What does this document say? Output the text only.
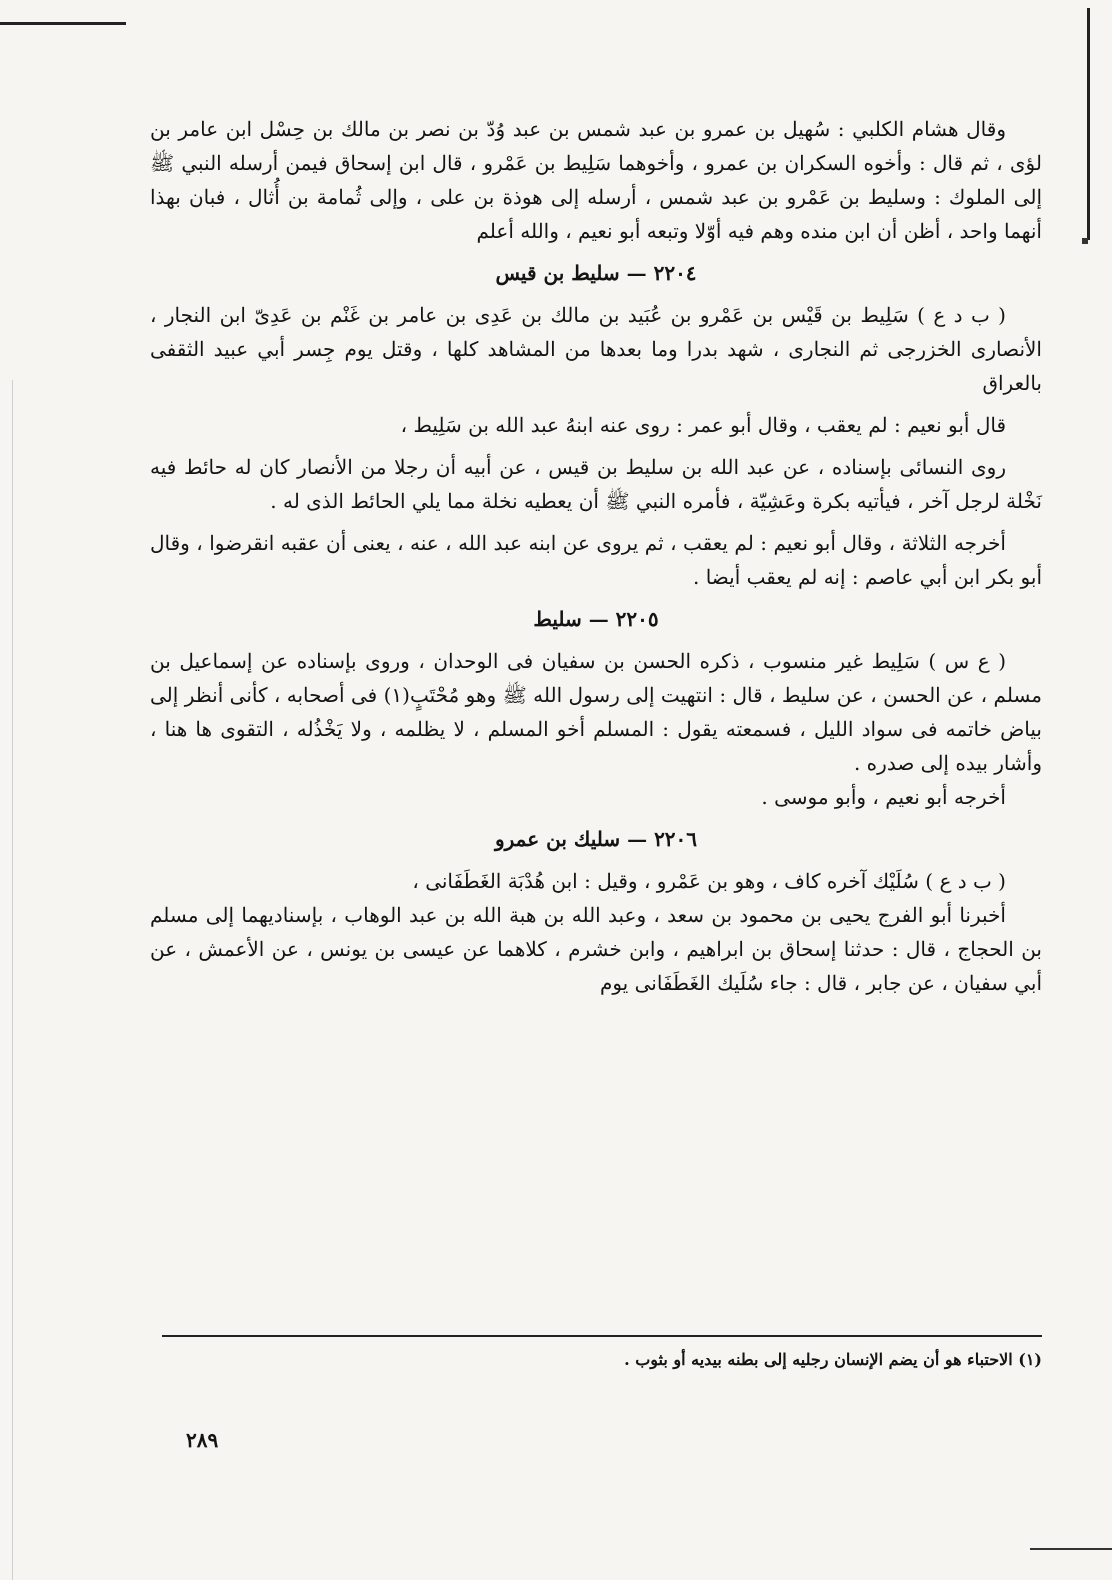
وقال هشام الكلبي : سُهيل بن عمرو بن عبد شمس بن عبد وُدّ بن نصر بن مالك بن حِسْل ابن عامر بن لؤى ، ثم قال : وأخوه السكران بن عمرو ، وأخوهما سَلِيط بن عَمْرو ، قال ابن إسحاق فيمن أرسله النبي ﷺ إلى الملوك : وسليط بن عَمْرو بن عبد شمس ، أرسله إلى هوذة بن على ، وإلى ثُمامة بن أُثال ، فبان بهذا أنهما واحد ، أظن أن ابن منده وهم فيه أوّلا وتبعه أبو نعيم ، والله أعلم

٢٢٠٤ — سليط بن قيس

( ب د ع ) سَلِيط بن قَيْس بن عَمْرو بن عُبَيد بن مالك بن عَدِى بن عامر بن غَنْم بن عَدِىّ ابن النجار ، الأنصارى الخزرجى ثم النجارى ، شهد بدرا وما بعدها من المشاهد كلها ، وقتل يوم جِسر أبي عبيد الثقفى بالعراق

قال أبو نعيم : لم يعقب ، وقال أبو عمر : روى عنه ابنهُ عبد الله بن سَلِيط ،

روى النسائى بإسناده ، عن عبد الله بن سليط بن قيس ، عن أبيه أن رجلا من الأنصار كان له حائط فيه نَخْلة لرجل آخر ، فيأتيه بكرة وعَشِيّة ، فأمره النبي ﷺ أن يعطيه نخلة مما يلي الحائط الذى له .

أخرجه الثلاثة ، وقال أبو نعيم : لم يعقب ، ثم يروى عن ابنه عبد الله ، عنه ، يعنى أن عقبه انقرضوا ، وقال أبو بكر ابن أبي عاصم : إنه لم يعقب أيضا .

٢٢٠٥ — سليط

( ع س ) سَلِيط غير منسوب ، ذكره الحسن بن سفيان فى الوحدان ، وروى بإسناده عن إسماعيل بن مسلم ، عن الحسن ، عن سليط ، قال : انتهيت إلى رسول الله ﷺ وهو مُحْتَبٍ(١) فى أصحابه ، كأنى أنظر إلى بياض خاتمه فى سواد الليل ، فسمعته يقول : المسلم أخو المسلم ، لا يظلمه ، ولا يَخْذُله ، التقوى ها هنا ، وأشار بيده إلى صدره .

أخرجه أبو نعيم ، وأبو موسى .

٢٢٠٦ — سليك بن عمرو

( ب د ع ) سُلَيْك آخره كاف ، وهو بن عَمْرو ، وقيل : ابن هُدْبَة الغَطَفَانى ،

أخبرنا أبو الفرج يحيى بن محمود بن سعد ، وعبد الله بن هبة الله بن عبد الوهاب ، بإسناديهما إلى مسلم بن الحجاج ، قال : حدثنا إسحاق بن ابراهيم ، وابن خشرم ، كلاهما عن عيسى بن يونس ، عن الأعمش ، عن أبي سفيان ، عن جابر ، قال : جاء سُلَيك الغَطَفَانى يوم

(١) الاحتباء هو أن يضم الإنسان رجليه إلى بطنه بيديه أو بثوب .
٢٨٩
